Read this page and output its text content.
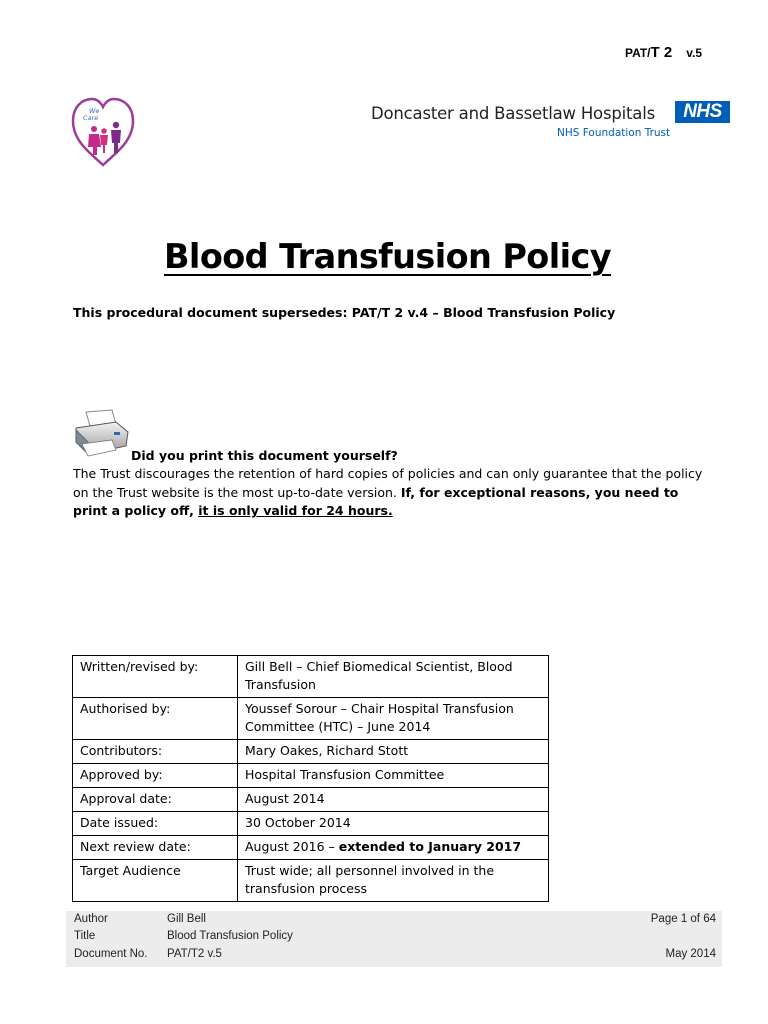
PAT/T 2 v.5
We
Care	Doncaster and Bassetlaw Hospitals	NHS
NHS Foundation Trust
Blood Transfusion Policy
This procedural document supersedes: PAT/T 2 v.4 – Blood Transfusion Policy
Did you print this document yourself?
The Trust discourages the retention of hard copies of policies and can only guarantee that the policy on the Trust website is the most up-to-date version. If, for exceptional reasons, you need to print a policy off, it is only valid for 24 hours.
Written/revised by:	Gill Bell – Chief Biomedical Scientist, Blood Transfusion
Authorised by:	Youssef Sorour – Chair Hospital Transfusion Committee (HTC) – June 2014
Contributors:	Mary Oakes, Richard Stott
Approved by:	Hospital Transfusion Committee
Approval date:	August 2014
Date issued:	30 October 2014
Next review date:	August 2016 – extended to January 2017
Target Audience	Trust wide; all personnel involved in the transfusion process
Author	Gill Bell	Page 1 of 64
Title	Blood Transfusion Policy
Document No. PAT/T2 v.5	May 2014
